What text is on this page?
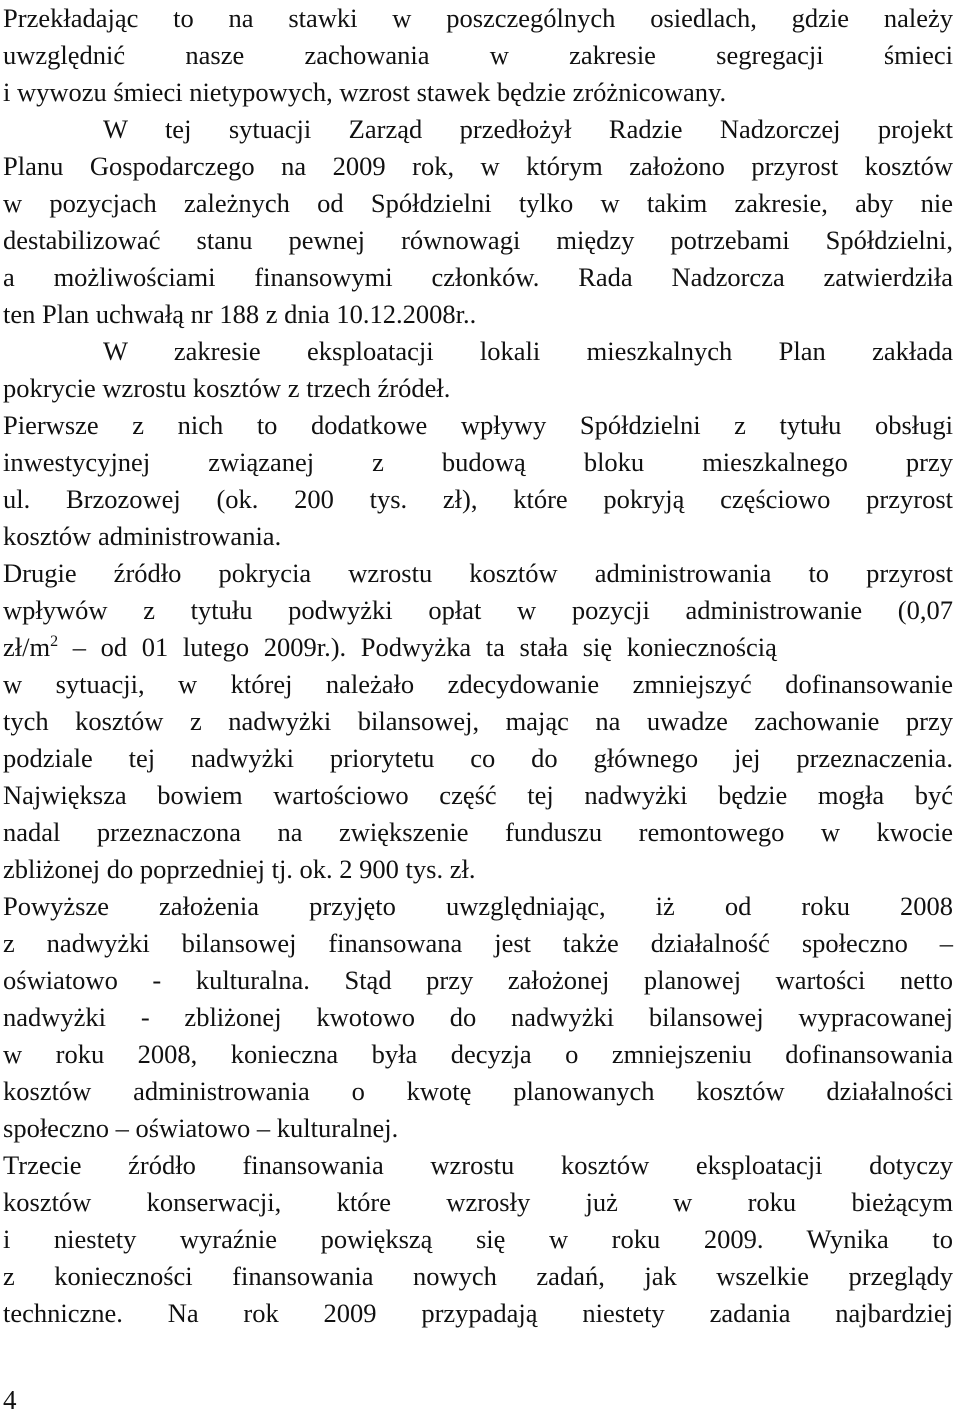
Przekładając to na stawki w poszczególnych osiedlach, gdzie należy
uwzględnić nasze zachowania w zakresie segregacji śmieci
i wywozu śmieci nietypowych, wzrost stawek będzie zróżnicowany.
W tej sytuacji Zarząd przedłożył Radzie Nadzorczej projekt
Planu Gospodarczego na 2009 rok, w którym założono przyrost kosztów
w pozycjach zależnych od Spółdzielni tylko w takim zakresie, aby nie
destabilizować stanu pewnej równowagi między potrzebami Spółdzielni,
a możliwościami finansowymi członków. Rada Nadzorcza zatwierdziła
ten Plan uchwałą nr 188 z dnia 10.12.2008r..
W zakresie eksploatacji lokali mieszkalnych Plan zakłada
pokrycie wzrostu kosztów z trzech źródeł.
Pierwsze z nich to dodatkowe wpływy Spółdzielni z tytułu obsługi
inwestycyjnej związanej z budową bloku mieszkalnego przy
ul. Brzozowej (ok. 200 tys. zł), które pokryją częściowo przyrost
kosztów administrowania.
Drugie źródło pokrycia wzrostu kosztów administrowania to przyrost
wpływów z tytułu podwyżki opłat w pozycji administrowanie (0,07
$zł/m^2$ – od 01 lutego 2009r.). Podwyżka ta stała się koniecznością
w sytuacji, w której należało zdecydowanie zmniejszyć dofinansowanie
tych kosztów z nadwyżki bilansowej, mając na uwadze zachowanie przy
podziale tej nadwyżki priorytetu co do głównego jej przeznaczenia.
Największa bowiem wartościowo część tej nadwyżki będzie mogła być
nadal przeznaczona na zwiększenie funduszu remontowego w kwocie
zbliżonej do poprzedniej tj. ok. 2 900 tys. zł.
Powyższe założenia przyjęto uwzględniając, iż od roku 2008
z nadwyżki bilansowej finansowana jest także działalność społeczno –
oświatowo - kulturalna. Stąd przy założonej planowej wartości netto
nadwyżki - zbliżonej kwotowo do nadwyżki bilansowej wypracowanej
w roku 2008, konieczna była decyzja o zmniejszeniu dofinansowania
kosztów administrowania o kwotę planowanych kosztów działalności
społeczno – oświatowo – kulturalnej.
Trzecie źródło finansowania wzrostu kosztów eksploatacji dotyczy
kosztów konserwacji, które wzrosły już w roku bieżącym
i niestety wyraźnie powiększą się w roku 2009. Wynika to
z konieczności finansowania nowych zadań, jak wszelkie przeglądy
techniczne. Na rok 2009 przypadają niestety zadania najbardziej
4
